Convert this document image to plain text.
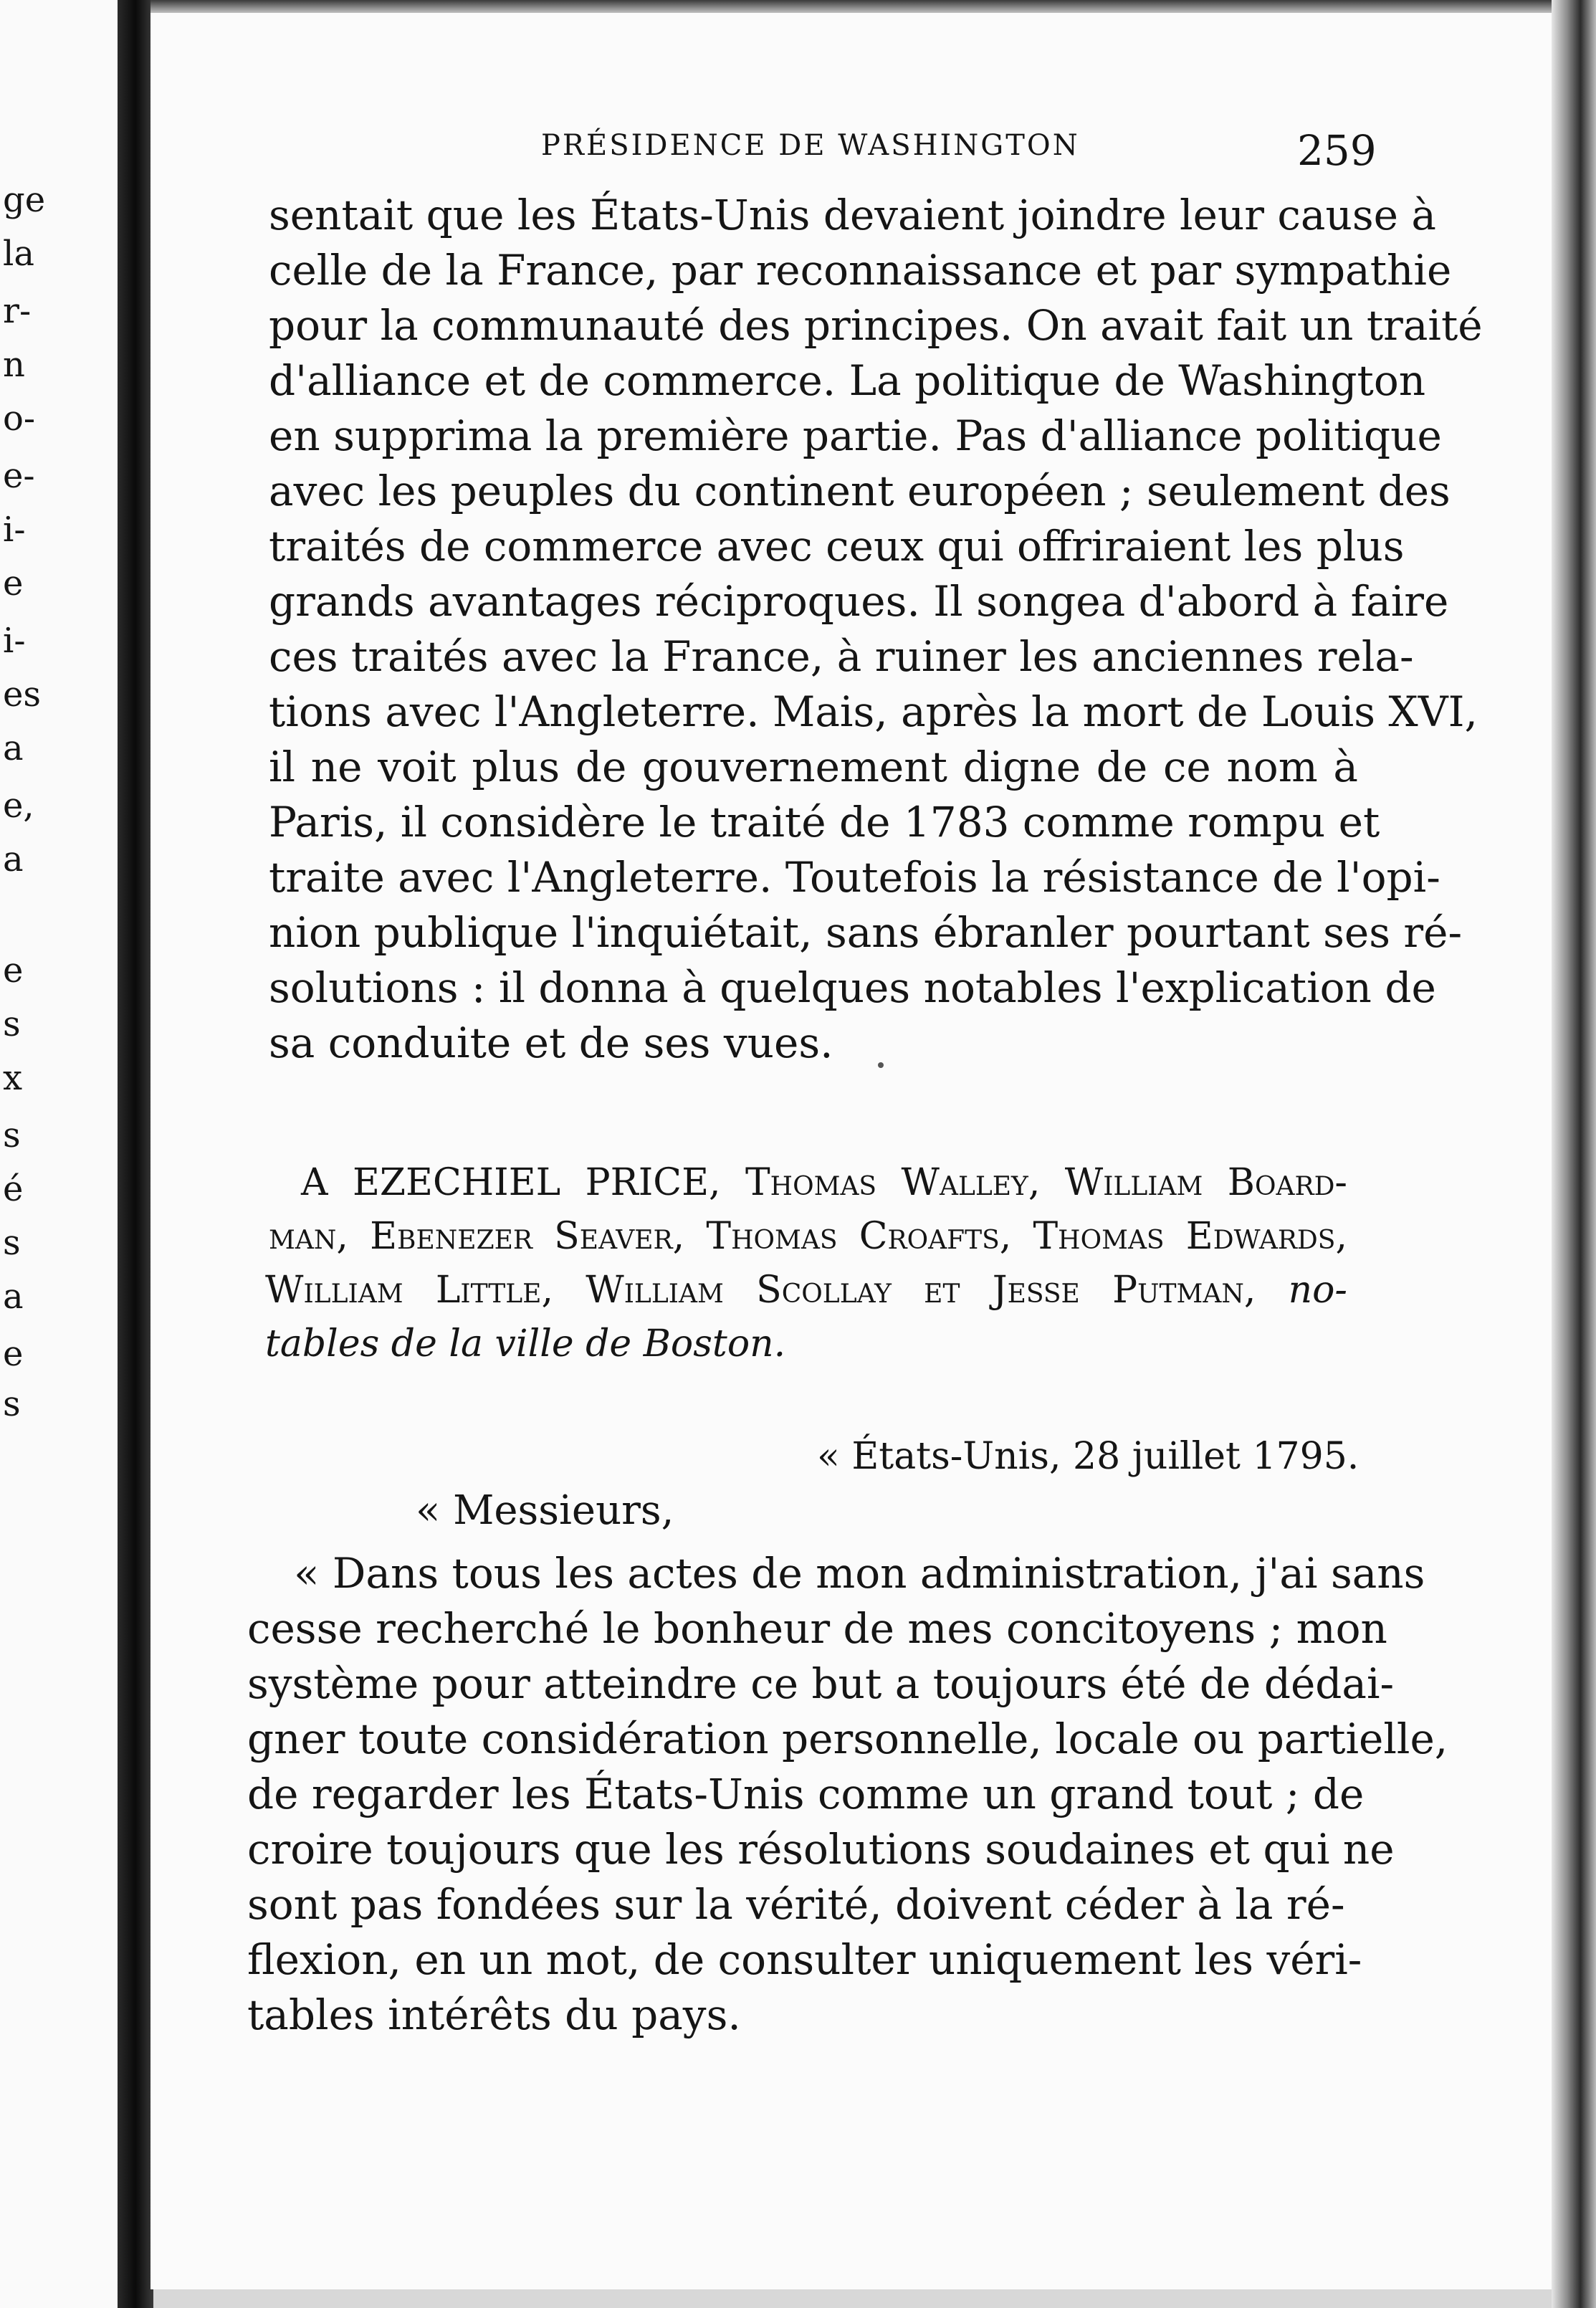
ge
la
r-
n
o-
e-
i-
e
i-
es
a
e,
a
e
s
x
s
é
s
a
e
s
PRÉSIDENCE DE WASHINGTON	259
sentait que les États-Unis devaient joindre leur cause à
celle de la France, par reconnaissance et par sympathie
pour la communauté des principes. On avait fait un traité
d'alliance et de commerce. La politique de Washington
en supprima la première partie. Pas d'alliance politique
avec les peuples du continent européen ; seulement des
traités de commerce avec ceux qui offriraient les plus
grands avantages réciproques. Il songea d'abord à faire
ces traités avec la France, à ruiner les anciennes rela-
tions avec l'Angleterre. Mais, après la mort de Louis XVI,
il ne voit plus de gouvernement digne de ce nom à
Paris, il considère le traité de 1783 comme rompu et
traite avec l'Angleterre. Toutefois la résistance de l'opi-
nion publique l'inquiétait, sans ébranler pourtant ses ré-
solutions : il donna à quelques notables l'explication de
sa conduite et de ses vues.
A EZECHIEL PRICE, Thomas Walley, William Board-
man, Ebenezer Seaver, Thomas Croafts, Thomas Edwards,
William Little, William Scollay et Jesse Putman, no-
tables de la ville de Boston.
« États-Unis, 28 juillet 1795.
« Messieurs,
« Dans tous les actes de mon administration, j'ai sans
cesse recherché le bonheur de mes concitoyens ; mon
système pour atteindre ce but a toujours été de dédai-
gner toute considération personnelle, locale ou partielle,
de regarder les États-Unis comme un grand tout ; de
croire toujours que les résolutions soudaines et qui ne
sont pas fondées sur la vérité, doivent céder à la ré-
flexion, en un mot, de consulter uniquement les véri-
tables intérêts du pays.
